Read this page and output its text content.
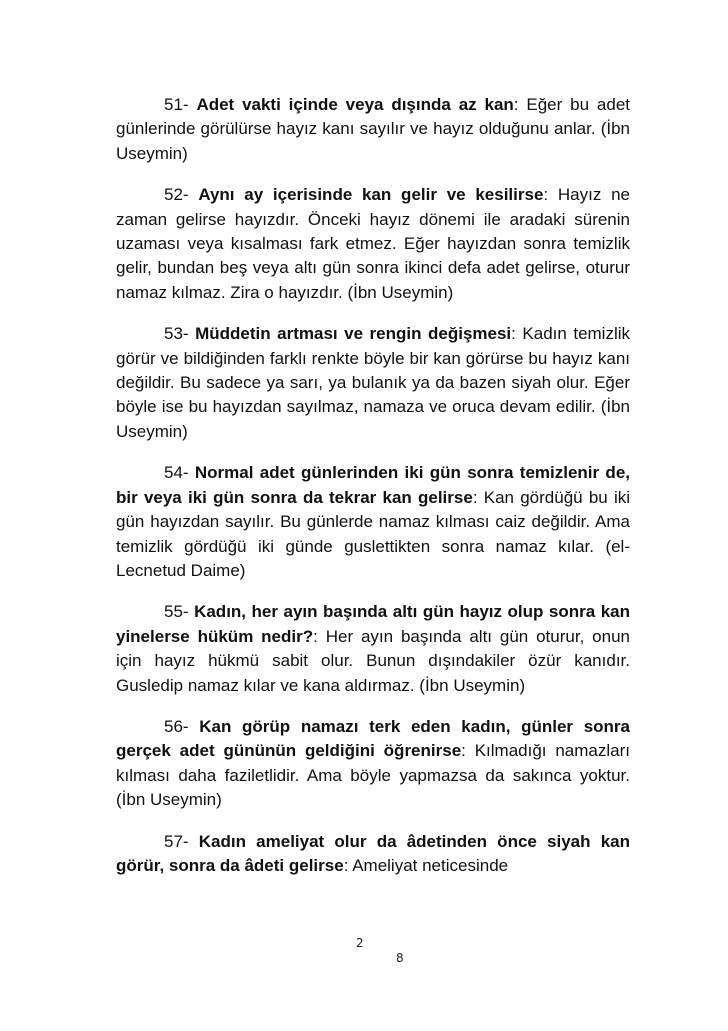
51- Adet vakti içinde veya dışında az kan: Eğer bu adet günlerinde görülürse hayız kanı sayılır ve hayız olduğunu anlar. (İbn Useymin)

52- Aynı ay içerisinde kan gelir ve kesilirse: Hayız ne zaman gelirse hayızdır. Önceki hayız dönemi ile aradaki sürenin uzaması veya kısalması fark etmez. Eğer hayızdan sonra temizlik gelir, bundan beş veya altı gün sonra ikinci defa adet gelirse, oturur namaz kılmaz. Zira o hayızdır. (İbn Useymin)

53- Müddetin artması ve rengin değişmesi: Kadın temizlik görür ve bildiğinden farklı renkte böyle bir kan görürse bu hayız kanı değildir. Bu sadece ya sarı, ya bulanık ya da bazen siyah olur. Eğer böyle ise bu hayızdan sayılmaz, namaza ve oruca devam edilir. (İbn Useymin)

54- Normal adet günlerinden iki gün sonra temizlenir de, bir veya iki gün sonra da tekrar kan gelirse: Kan gördüğü bu iki gün hayızdan sayılır. Bu günlerde namaz kılması caiz değildir. Ama temizlik gördüğü iki günde guslettikten sonra namaz kılar. (el-Lecnetud Daime)

55- Kadın, her ayın başında altı gün hayız olup sonra kan yinelerse hüküm nedir?: Her ayın başında altı gün oturur, onun için hayız hükmü sabit olur. Bunun dışındakiler özür kanıdır. Gusledip namaz kılar ve kana aldırmaz. (İbn Useymin)

56- Kan görüp namazı terk eden kadın, günler sonra gerçek adet gününün geldiğini öğrenirse: Kılmadığı namazları kılması daha faziletlidir. Ama böyle yapmazsa da sakınca yoktur. (İbn Useymin)

57- Kadın ameliyat olur da âdetinden önce siyah kan görür, sonra da âdeti gelirse: Ameliyat neticesinde

2
8
